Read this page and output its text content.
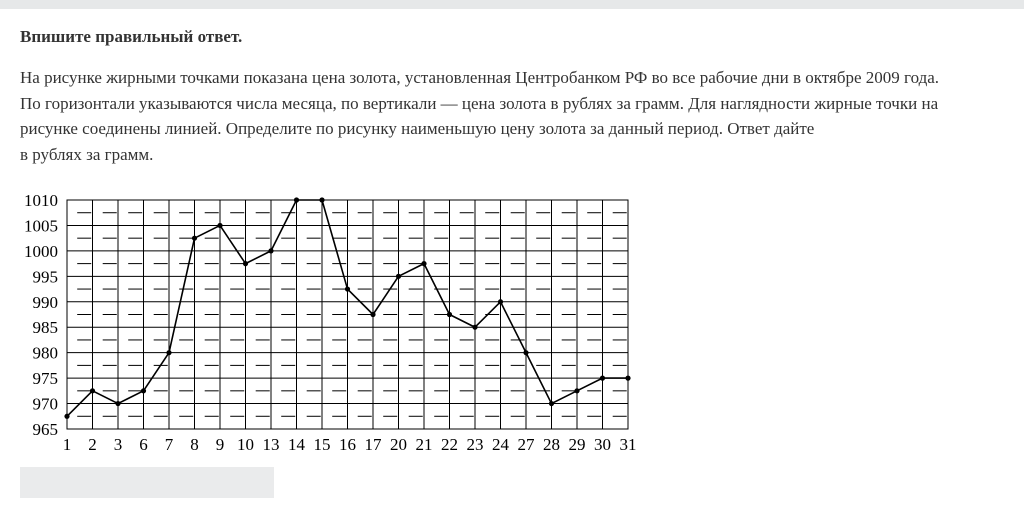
Впишите правильный ответ.
На рисунке жирными точками показана цена золота, установленная Центробанком РФ во все рабочие дни в октябре 2009 года.
По горизонтали указываются числа месяца, по вертикали — цена золота в рублях за грамм. Для наглядности жирные точки на
рисунке соединены линией. Определите по рисунку наименьшую цену золота за данный период. Ответ дайте
в рублях за грамм.
965
970
975
980
985
990
995
1000
1005
1010
1 2 3 6 7 8 9 10 13 14 15 16 17 20 21 22 23 24 27 28 29 30 31
